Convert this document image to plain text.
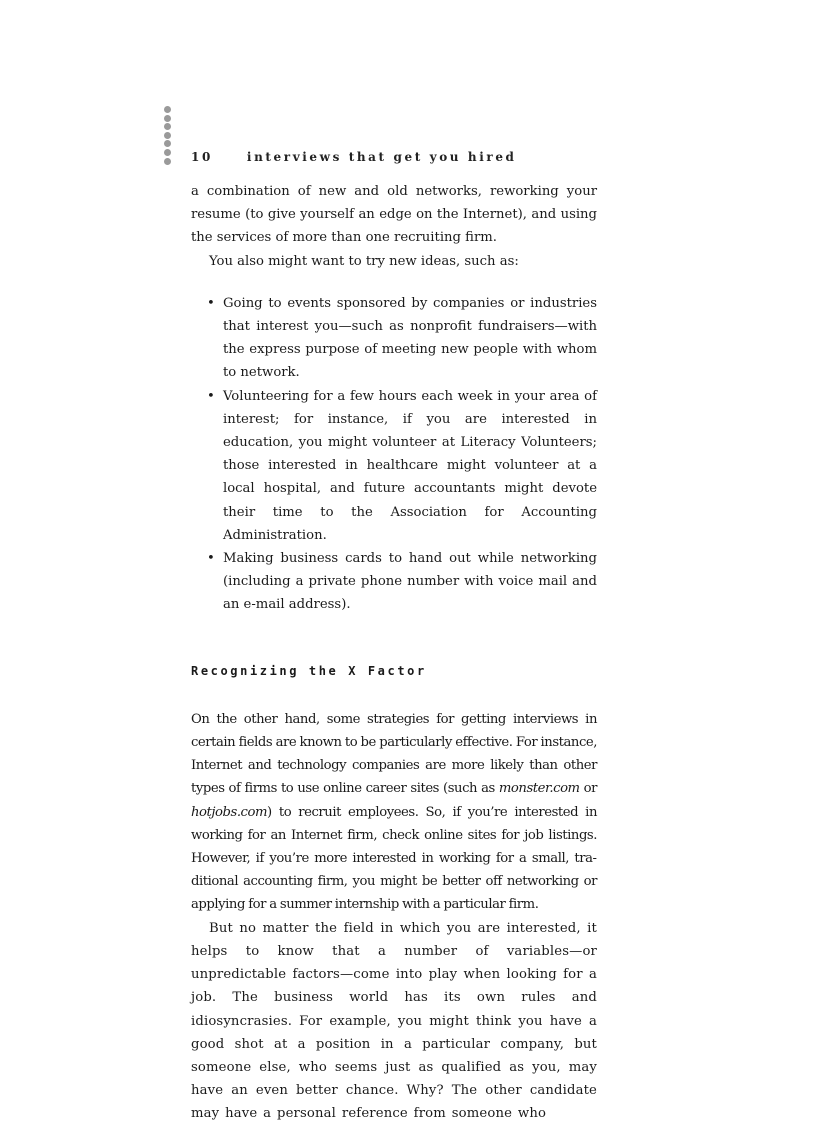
10	interviews that get you hired

a combination of new and old networks, reworking your resume (to give yourself an edge on the Internet), and using the services of more than one recruiting firm.

You also might want to try new ideas, such as:

• Going to events sponsored by companies or industries that interest you—such as nonprofit fundraisers—with the express purpose of meeting new people with whom to network.
• Volunteering for a few hours each week in your area of interest; for instance, if you are interested in education, you might volunteer at Literacy Volunteers; those interested in healthcare might volunteer at a local hospital, and future accountants might devote their time to the Association for Accounting Administration.
• Making business cards to hand out while networking (including a private phone number with voice mail and an e-mail address).
Recognizing the X Factor

On the other hand, some strategies for getting interviews in certain fields are known to be particularly effective. For instance, Internet and technology companies are more likely than other types of firms to use online career sites (such as monster.com or hotjobs.com) to recruit employees. So, if you’re interested in working for an Internet firm, check online sites for job listings. However, if you’re more interested in working for a small, traditional accounting firm, you might be better off networking or applying for a summer internship with a particular firm.

But no matter the field in which you are interested, it helps to know that a number of variables—or unpredictable factors—come into play when looking for a job. The business world has its own rules and idiosyncrasies. For example, you might think you have a good shot at a position in a particular company, but someone else, who seems just as qualified as you, may have an even better chance. Why? The other candidate may have a personal reference from someone who
